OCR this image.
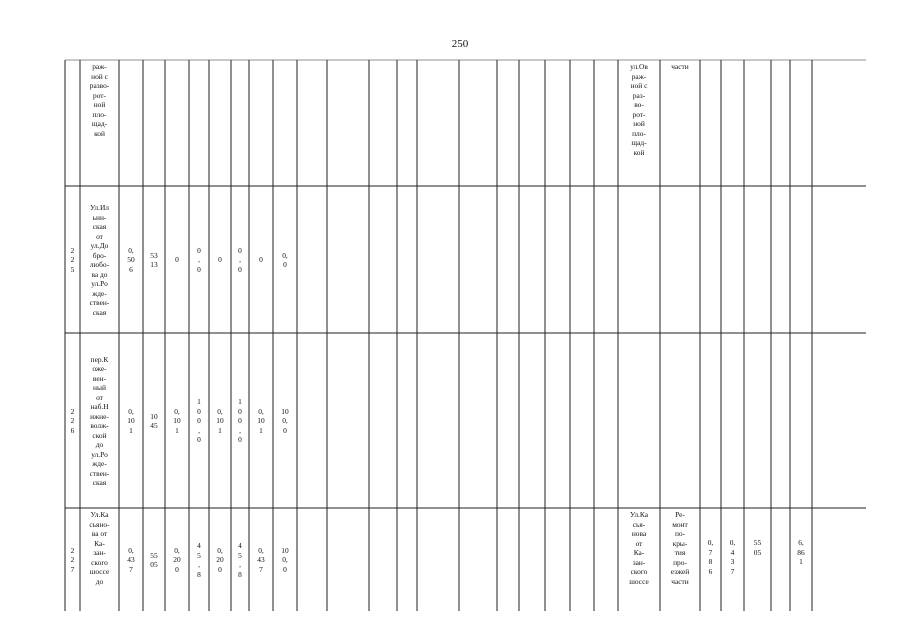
250
раж-
ной с
разво-
рот-
ной
пло-
щад-
кой
ул.Ов
раж-
ной с
раз-
во-
рот-
ной
пло-
щад-
кой
части
2
2
5
Ул.Ил
ьин-
ская
от
ул.До
бро-
любо-
ва до
ул.Ро
жде-
ствен-
ская
0,
50
6
53
13
0
0
,
0
0
0
,
0
0
0,
0
2
2
6
пер.К
оже-
вен-
ный
от
наб.Н
ижне-
волж-
ской
до
ул.Ро
жде-
ствен-
ская
0,
10
1
10
45
0,
10
1
1
0
0
,
0
0,
10
1
1
0
0
,
0
0,
10
1
10
0,
0
2
2
7
Ул.Ка
сьяно-
ва от
Ка-
зан-
ского
шоссе
до
0,
43
7
55
05
0,
20
0
4
5
,
8
0,
20
0
4
5
,
8
0,
43
7
10
0,
0
Ул.Ка
сья-
нова
от
Ка-
зан-
ского
шоссе
Ре-
монт
по-
кры-
тия
про-
езжей
части
0,
7
8
6
0,
4
3
7
55
05
6,
86
1
